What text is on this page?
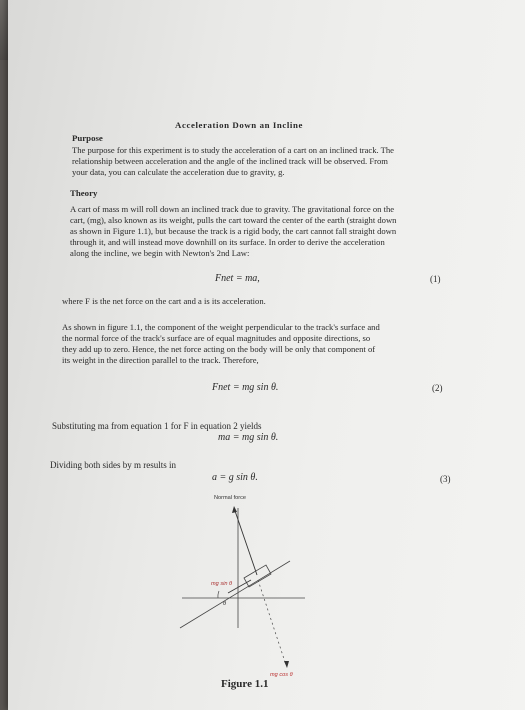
Acceleration Down an Incline
Purpose
The purpose for this experiment is to study the acceleration of a cart on an inclined track. The
relationship between acceleration and the angle of the inclined track will be observed. From
your data, you can calculate the acceleration due to gravity, g.
Theory
A cart of mass m will roll down an inclined track due to gravity. The gravitational force on the
cart, (mg), also known as its weight, pulls the cart toward the center of the earth (straight down
as shown in Figure 1.1), but because the track is a rigid body, the cart cannot fall straight down
through it, and will instead move downhill on its surface. In order to derive the acceleration
along the incline, we begin with Newton's 2nd Law:
Fnet = ma,	(1)
where F is the net force on the cart and a is its acceleration.
As shown in figure 1.1, the component of the weight perpendicular to the track's surface and
the normal force of the track's surface are of equal magnitudes and opposite directions, so
they add up to zero. Hence, the net force acting on the body will be only that component of
its weight in the direction parallel to the track. Therefore,
Fnet = mg sin θ.	(2)
Substituting ma from equation 1 for F in equation 2 yields
ma = mg sin θ.
Dividing both sides by m results in
a = g sin θ.	(3)
Normal force
mg sin θ
θ
mg cos θ
Figure 1.1
